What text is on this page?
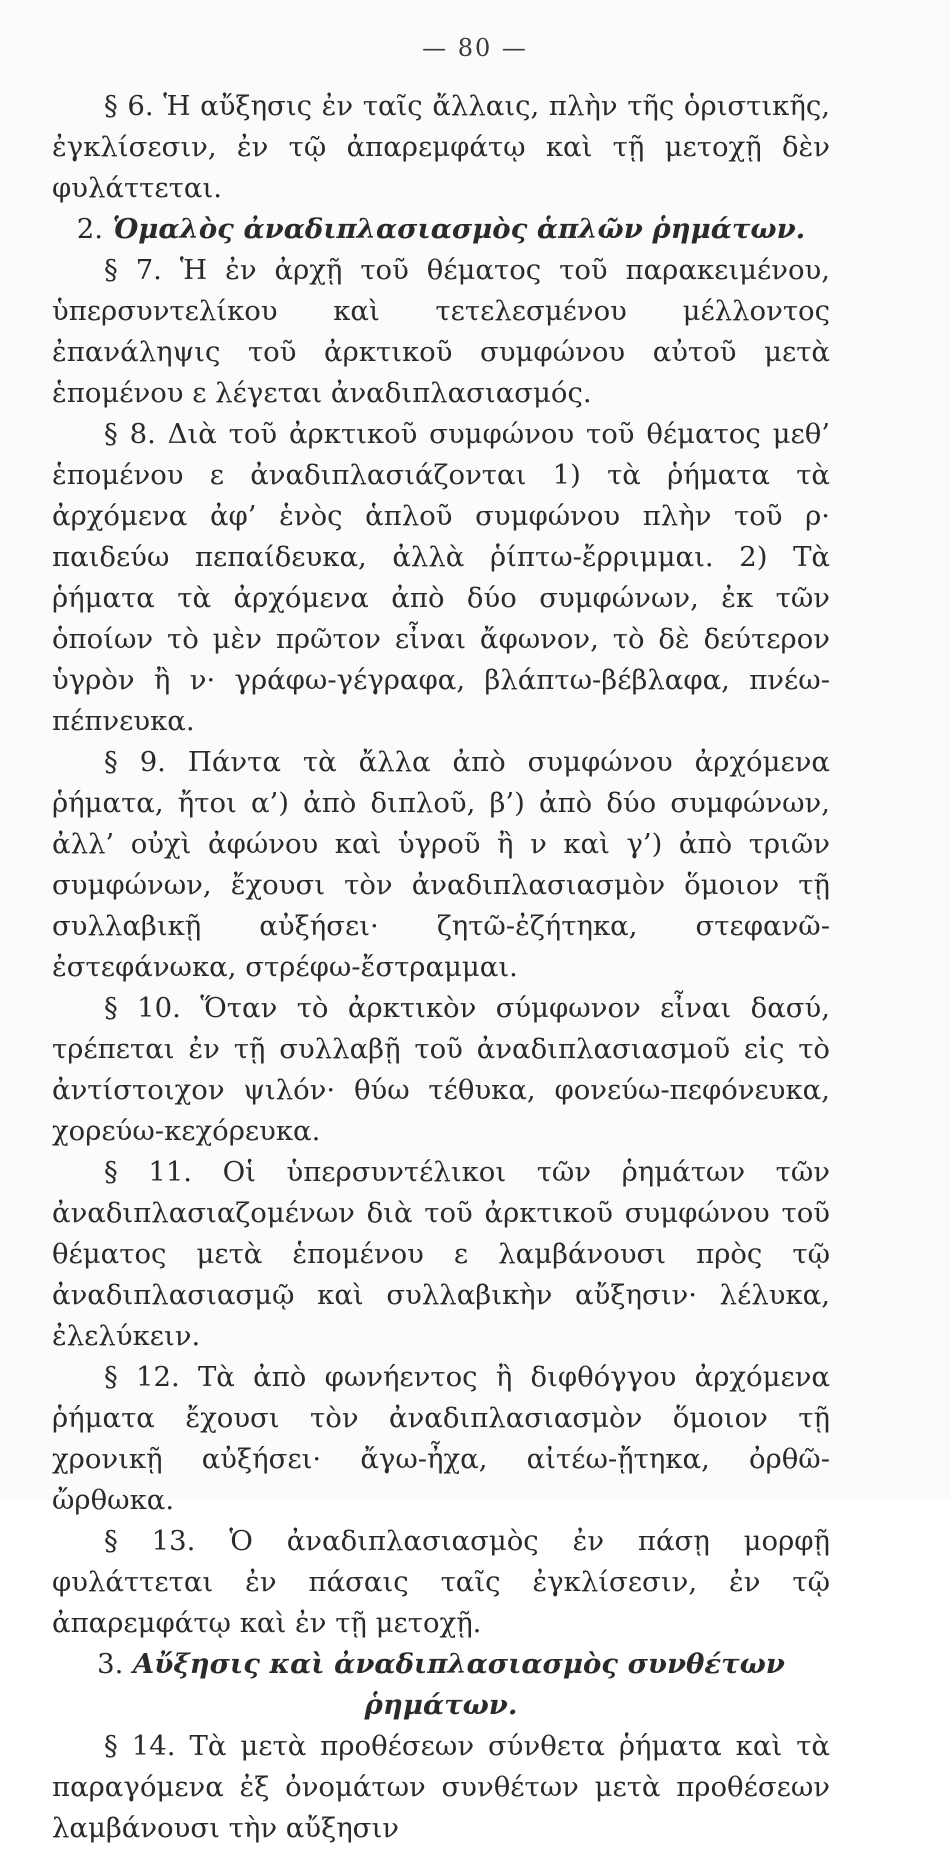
— 80 —

§ 6. Ἡ αὔξησις ἐν ταῖς ἄλλαις, πλὴν τῆς ὁριστικῆς, ἐγκλίσεσιν, ἐν τῷ ἀπαρεμφάτῳ καὶ τῇ μετοχῇ δὲν φυλάττεται.

2. Ὁμαλὸς ἀναδιπλασιασμὸς ἁπλῶν ῥημάτων.

§ 7. Ἡ ἐν ἀρχῇ τοῦ θέματος τοῦ παρακειμένου, ὑπερσυντελίκου καὶ τετελεσμένου μέλλοντος ἐπανάληψις τοῦ ἀρκτικοῦ συμφώνου αὐτοῦ μετὰ ἑπομένου ε λέγεται ἀναδιπλασιασμός.

§ 8. Διὰ τοῦ ἀρκτικοῦ συμφώνου τοῦ θέματος μεθ’ ἑπομένου ε ἀναδιπλασιάζονται 1) τὰ ῥήματα τὰ ἀρχόμενα ἀφ’ ἑνὸς ἁπλοῦ συμφώνου πλὴν τοῦ ρ· παιδεύω πεπαίδευκα, ἀλλὰ ῥίπτω-ἔρριμμαι. 2) Τὰ ῥήματα τὰ ἀρχόμενα ἀπὸ δύο συμφώνων, ἐκ τῶν ὁποίων τὸ μὲν πρῶτον εἶναι ἄφωνον, τὸ δὲ δεύτερον ὑγρὸν ἢ ν· γράφω-γέγραφα, βλάπτω-βέβλαφα, πνέω-πέπνευκα.

§ 9. Πάντα τὰ ἄλλα ἀπὸ συμφώνου ἀρχόμενα ῥήματα, ἤτοι α’) ἀπὸ διπλοῦ, β’) ἀπὸ δύο συμφώνων, ἀλλ’ οὐχὶ ἀφώνου καὶ ὑγροῦ ἢ ν καὶ γ’) ἀπὸ τριῶν συμφώνων, ἔχουσι τὸν ἀναδιπλασιασμὸν ὅμοιον τῇ συλλαβικῇ αὐξήσει· ζητῶ-ἐζήτηκα, στεφανῶ-ἐστεφάνωκα, στρέφω-ἔστραμμαι.

§ 10. Ὅταν τὸ ἀρκτικὸν σύμφωνον εἶναι δασύ, τρέπεται ἐν τῇ συλλαβῇ τοῦ ἀναδιπλασιασμοῦ εἰς τὸ ἀντίστοιχον ψιλόν· θύω τέθυκα, φονεύω-πεφόνευκα, χορεύω-κεχόρευκα.

§ 11. Οἱ ὑπερσυντέλικοι τῶν ῥημάτων τῶν ἀναδιπλασιαζομένων διὰ τοῦ ἀρκτικοῦ συμφώνου τοῦ θέματος μετὰ ἑπομένου ε λαμβάνουσι πρὸς τῷ ἀναδιπλασιασμῷ καὶ συλλαβικὴν αὔξησιν· λέλυκα, ἐλελύκειν.

§ 12. Τὰ ἀπὸ φωνήεντος ἢ διφθόγγου ἀρχόμενα ῥήματα ἔχουσι τὸν ἀναδιπλασιασμὸν ὅμοιον τῇ χρονικῇ αὐξήσει· ἄγω-ἦχα, αἰτέω-ᾔτηκα, ὀρθῶ-ὤρθωκα.

§ 13. Ὁ ἀναδιπλασιασμὸς ἐν πάσῃ μορφῇ φυλάττεται ἐν πάσαις ταῖς ἐγκλίσεσιν, ἐν τῷ ἀπαρεμφάτῳ καὶ ἐν τῇ μετοχῇ.

3. Αὔξησις καὶ ἀναδιπλασιασμὸς συνθέτων ῥημάτων.

§ 14. Τὰ μετὰ προθέσεων σύνθετα ῥήματα καὶ τὰ παραγόμενα ἐξ ὀνομάτων συνθέτων μετὰ προθέσεων λαμβάνουσι τὴν αὔξησιν
